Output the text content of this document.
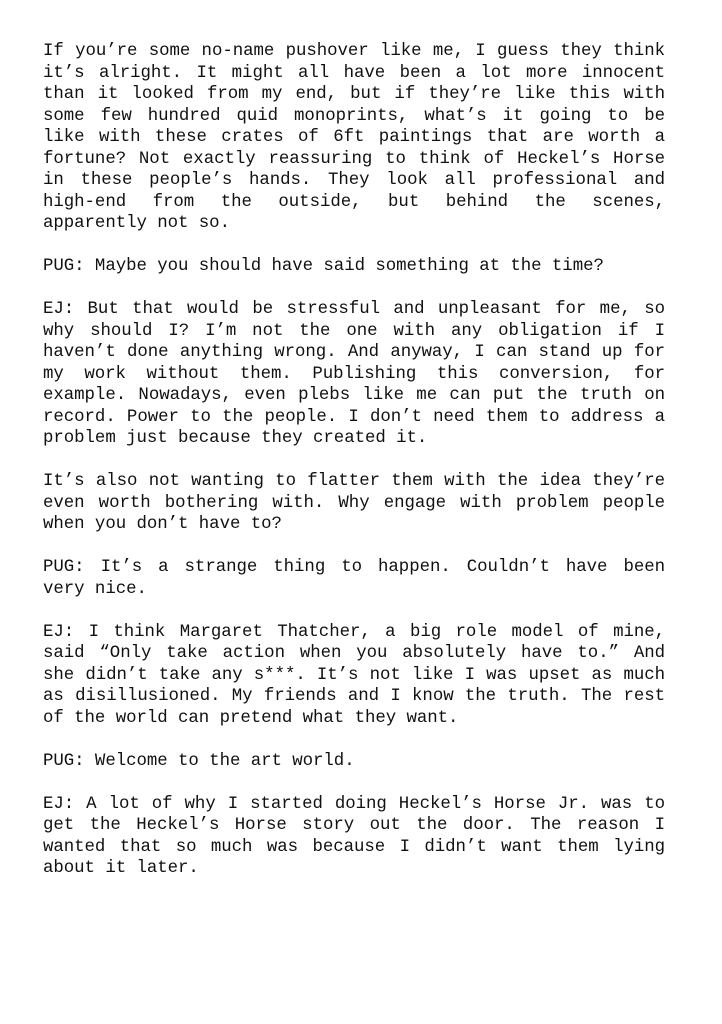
If you’re some no-name pushover like me, I guess they think it’s alright. It might all have been a lot more innocent than it looked from my end, but if they’re like this with some few hundred quid monoprints, what’s it going to be like with these crates of 6ft paintings that are worth a fortune? Not exactly reassuring to think of Heckel’s Horse in these people’s hands. They look all professional and high-end from the outside, but behind the scenes, apparently not so.

PUG: Maybe you should have said something at the time?

EJ: But that would be stressful and unpleasant for me, so why should I? I’m not the one with any obligation if I haven’t done anything wrong. And anyway, I can stand up for my work without them. Publishing this conversion, for example. Nowadays, even plebs like me can put the truth on record. Power to the people. I don’t need them to address a problem just because they created it.

It’s also not wanting to flatter them with the idea they’re even worth bothering with. Why engage with problem people when you don’t have to?

PUG: It’s a strange thing to happen. Couldn’t have been very nice.

EJ: I think Margaret Thatcher, a big role model of mine, said “Only take action when you absolutely have to.” And she didn’t take any s***. It’s not like I was upset as much as disillusioned. My friends and I know the truth. The rest of the world can pretend what they want.

PUG: Welcome to the art world.

EJ: A lot of why I started doing Heckel’s Horse Jr. was to get the Heckel’s Horse story out the door. The reason I wanted that so much was because I didn’t want them lying about it later.
